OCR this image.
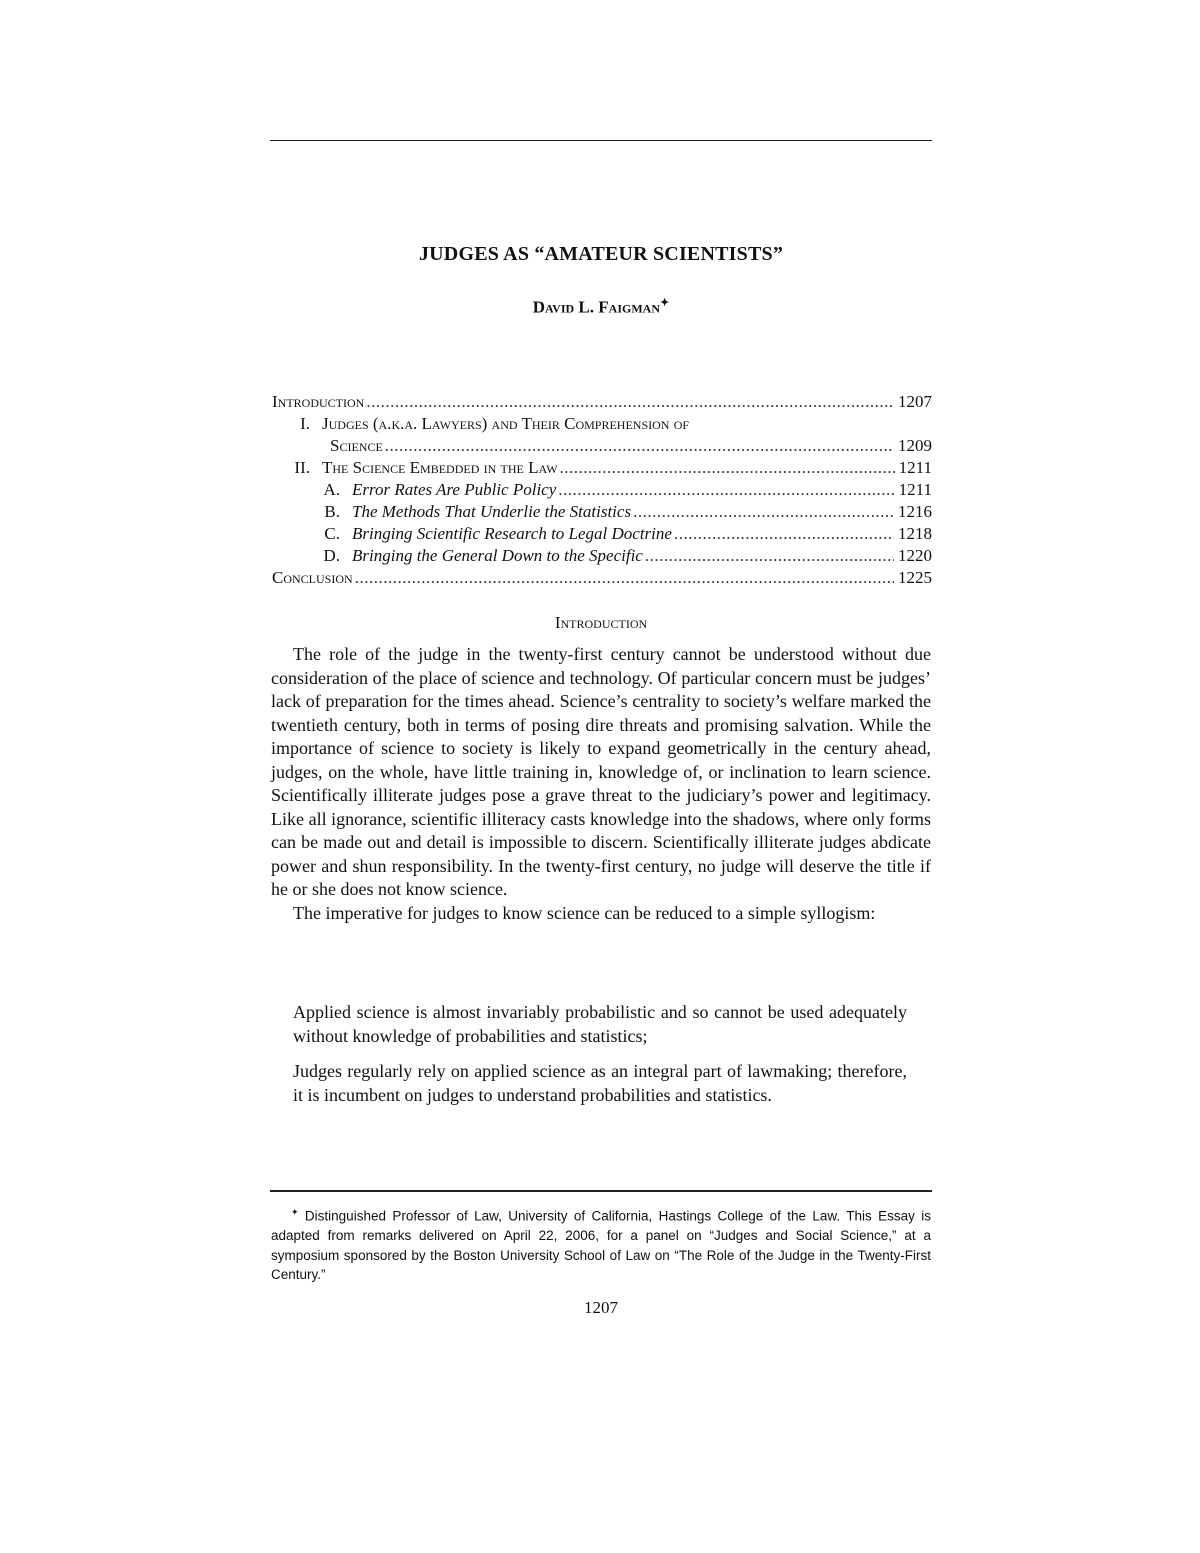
JUDGES AS “AMATEUR SCIENTISTS”
David L. Faigman✦
Introduction .....	1207
I. Judges (a.k.a. Lawyers) and Their Comprehension of
Science .....	1209
II. The Science Embedded in the Law .....	1211
A. Error Rates Are Public Policy .....	1211
B. The Methods That Underlie the Statistics .....	1216
C. Bringing Scientific Research to Legal Doctrine .....	1218
D. Bringing the General Down to the Specific .....	1220
Conclusion .....	1225
Introduction

The role of the judge in the twenty-first century cannot be understood without due consideration of the place of science and technology. Of particular concern must be judges’ lack of preparation for the times ahead. Science’s centrality to society’s welfare marked the twentieth century, both in terms of posing dire threats and promising salvation. While the importance of science to society is likely to expand geometrically in the century ahead, judges, on the whole, have little training in, knowledge of, or inclination to learn science. Scientifically illiterate judges pose a grave threat to the judiciary’s power and legitimacy. Like all ignorance, scientific illiteracy casts knowledge into the shadows, where only forms can be made out and detail is impossible to discern. Scientifically illiterate judges abdicate power and shun responsibility. In the twenty-first century, no judge will deserve the title if he or she does not know science.

The imperative for judges to know science can be reduced to a simple syllogism:

Applied science is almost invariably probabilistic and so cannot be used adequately without knowledge of probabilities and statistics;
Judges regularly rely on applied science as an integral part of lawmaking; therefore, it is incumbent on judges to understand probabilities and statistics.

✦ Distinguished Professor of Law, University of California, Hastings College of the Law. This Essay is adapted from remarks delivered on April 22, 2006, for a panel on “Judges and Social Science,” at a symposium sponsored by the Boston University School of Law on “The Role of the Judge in the Twenty-First Century.”

1207
